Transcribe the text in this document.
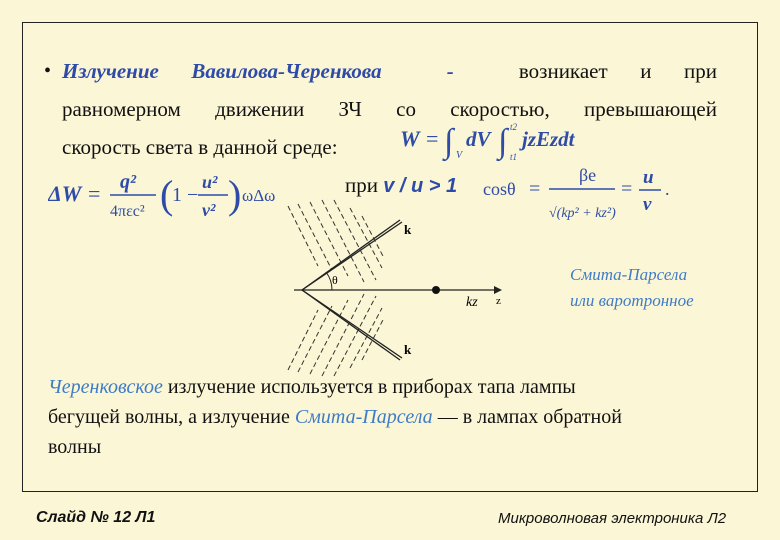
• Излучение Вавилова-Черенкова	-	возникает и при
равномерном движении ЗЧ со скоростью, превышающей
скорость света в данной среде:	W = ∫ V
dV ∫ t2
t1
jzEzdt
ΔW = q²
4πεc² (
1 −
u²
v² ) ωΔω	при v / u > 1 cosθ =
βe
√(kp² + kz²)
=
u
v
.
k
k
θ
kz z
Смита-Парсела
или варотронное
Черенковское излучение используется в приборах тапа лампы
бегущей волны, а излучение Смита-Парсела — в лампах обратной
волны
Слайд № 12 Л1	Микроволновая электроника Л2
